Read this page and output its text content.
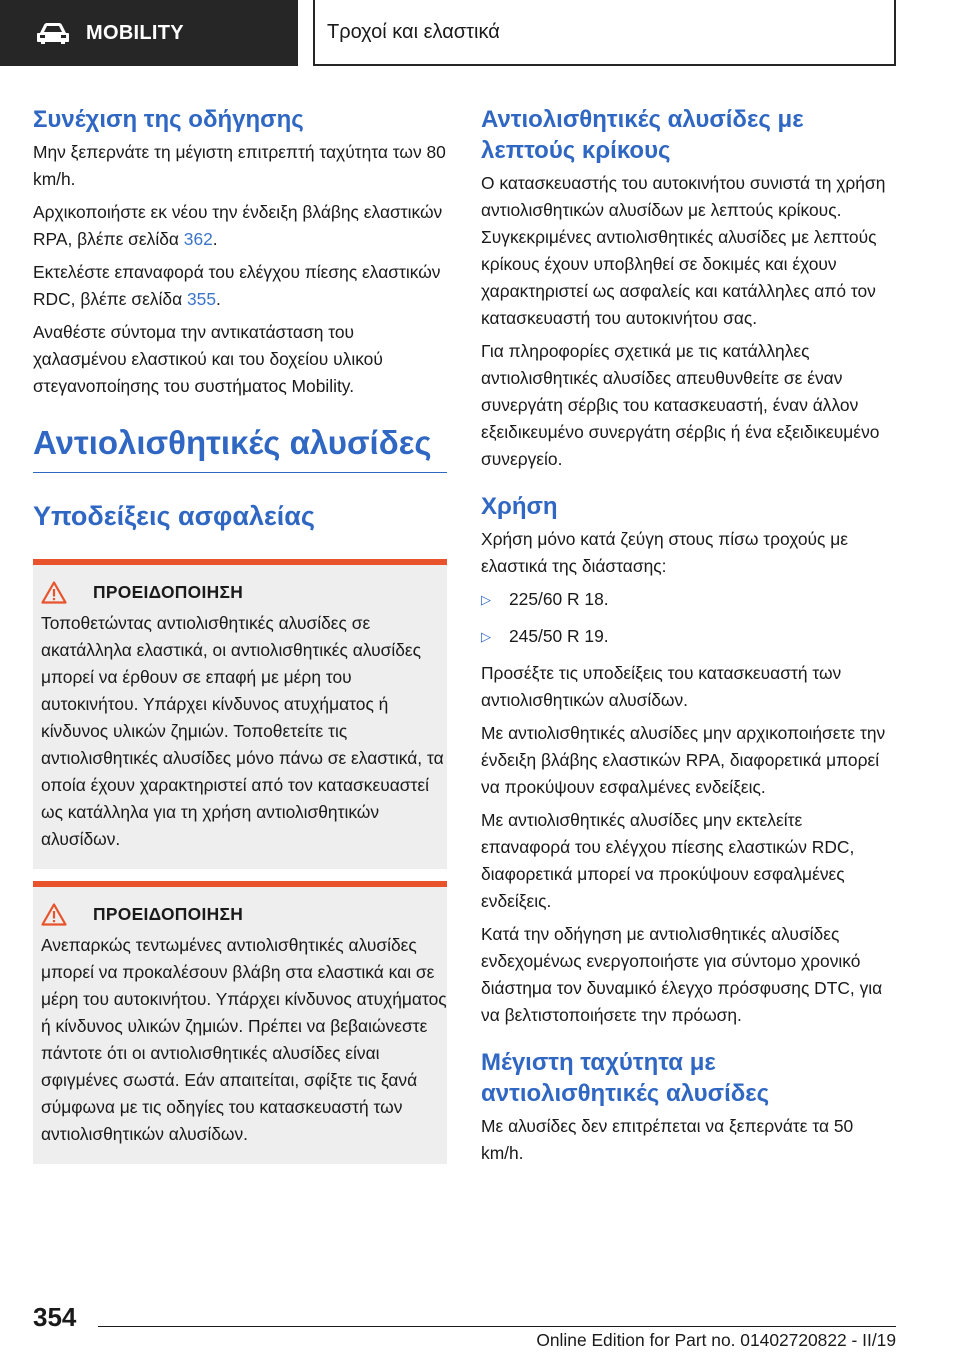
MOBILITY	Τροχοί και ελαστικά
Συνέχιση της οδήγησης

Μην ξεπερνάτε τη μέγιστη επιτρεπτή ταχύτητα των 80 km/h.

Αρχικοποιήστε εκ νέου την ένδειξη βλάβης ελαστικών RPA, βλέπε σελίδα 362.

Εκτελέστε επαναφορά του ελέγχου πίεσης ελαστικών RDC, βλέπε σελίδα 355.

Αναθέστε σύντομα την αντικατάσταση του χαλασμένου ελαστικού και του δοχείου υλικού στεγανοποίησης του συστήματος Mobility.

Αντιολισθητικές αλυσίδες
Υποδείξεις ασφαλείας
ΠΡΟΕΙΔΟΠΟΙΗΣΗ

Τοποθετώντας αντιολισθητικές αλυσίδες σε ακατάλληλα ελαστικά, οι αντιολισθητικές αλυσίδες μπορεί να έρθουν σε επαφή με μέρη του αυτοκινήτου. Υπάρχει κίνδυνος ατυχήματος ή κίνδυνος υλικών ζημιών. Τοποθετείτε τις αντιολισθητικές αλυσίδες μόνο πάνω σε ελαστικά, τα οποία έχουν χαρακτηριστεί από τον κατασκευαστεί ως κατάλληλα για τη χρήση αντιολισθητικών αλυσίδων.

ΠΡΟΕΙΔΟΠΟΙΗΣΗ

Ανεπαρκώς τεντωμένες αντιολισθητικές αλυσίδες μπορεί να προκαλέσουν βλάβη στα ελαστικά και σε μέρη του αυτοκινήτου. Υπάρχει κίνδυνος ατυχήματος ή κίνδυνος υλικών ζημιών. Πρέπει να βεβαιώνεστε πάντοτε ότι οι αντιολισθητικές αλυσίδες είναι σφιγμένες σωστά. Εάν απαιτείται, σφίξτε τις ξανά σύμφωνα με τις οδηγίες του κατασκευαστή των αντιολισθητικών αλυσίδων.

Αντιολισθητικές αλυσίδες με λεπτούς κρίκους

Ο κατασκευαστής του αυτοκινήτου συνιστά τη χρήση αντιολισθητικών αλυσίδων με λεπτούς κρίκους. Συγκεκριμένες αντιολισθητικές αλυσίδες με λεπτούς κρίκους έχουν υποβληθεί σε δοκιμές και έχουν χαρακτηριστεί ως ασφαλείς και κατάλληλες από τον κατασκευαστή του αυτοκινήτου σας.

Για πληροφορίες σχετικά με τις κατάλληλες αντιολισθητικές αλυσίδες απευθυνθείτε σε έναν συνεργάτη σέρβις του κατασκευαστή, έναν άλλον εξειδικευμένο συνεργάτη σέρβις ή ένα εξειδικευμένο συνεργείο.

Χρήση

Χρήση μόνο κατά ζεύγη στους πίσω τροχούς με ελαστικά της διάστασης:

▷	225/60 R 18.
▷	245/50 R 19.

Προσέξτε τις υποδείξεις του κατασκευαστή των αντιολισθητικών αλυσίδων.

Με αντιολισθητικές αλυσίδες μην αρχικοποιήσετε την ένδειξη βλάβης ελαστικών RPA, διαφορετικά μπορεί να προκύψουν εσφαλμένες ενδείξεις.

Με αντιολισθητικές αλυσίδες μην εκτελείτε επαναφορά του ελέγχου πίεσης ελαστικών RDC, διαφορετικά μπορεί να προκύψουν εσφαλμένες ενδείξεις.

Κατά την οδήγηση με αντιολισθητικές αλυσίδες ενδεχομένως ενεργοποιήστε για σύντομο χρονικό διάστημα τον δυναμικό έλεγχο πρόσφυσης DTC, για να βελτιστοποιήσετε την πρόωση.

Μέγιστη ταχύτητα με αντιολισθητικές αλυσίδες

Με αλυσίδες δεν επιτρέπεται να ξεπερνάτε τα 50 km/h.

354
Online Edition for Part no. 01402720822 - II/19
